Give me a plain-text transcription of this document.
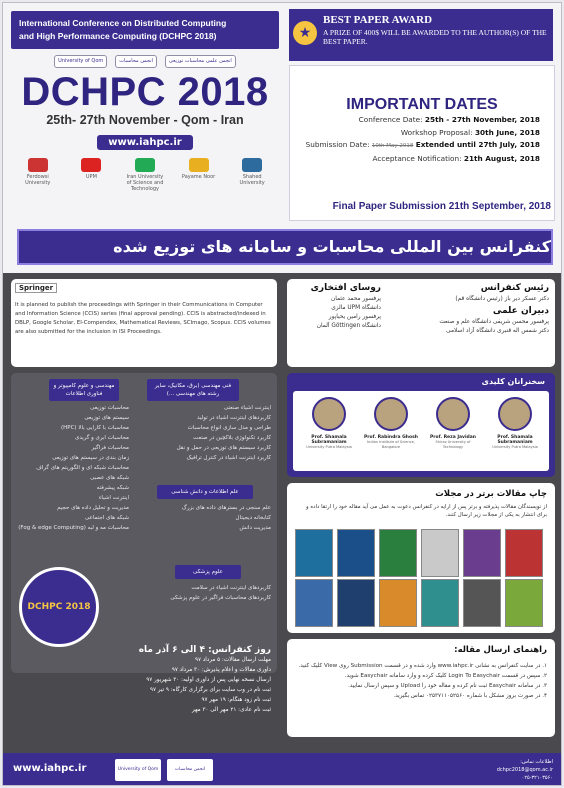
International Conference on Distributed Computing
and High Performance Computing (DCHPC 2018)
University of Qom	انجمن محاسبات	انجمن علمی محاسبات توزیعی
DCHPC 2018
25th- 27th November - Qom - Iran
www.iahpc.ir
Ferdowsi University
UPM	Iran University of Science and Technology
Payame Noor	Shahed University
★
BEST PAPER AWARD
A PRIZE OF 400$ WILL BE AWARDED TO THE AUTHOR(S) OF THE BEST PAPER.
IMPORTANT DATES
Conference Date: 25th - 27th November, 2018
Workshop Proposal: 30th June, 2018
Submission Date: 10th May 2018 Extended until 27th July, 2018
Acceptance Notification: 21th August, 2018
Final Paper Submission 21th September, 2018
کنفرانس بین المللی محاسبات و سامانه های توزیع شده
Springer
It is planned to publish the proceedings with Springer in their Communications in Computer and Information Science (CCIS) series (final approval pending). CCIS is abstracted/indexed in DBLP, Google Scholar, EI-Compendex, Mathematical Reviews, SCImago, Scopus. CCIS volumes are also submitted for the inclusion in ISI Proceedings.
رئیس کنفرانس
دکتر عسکر دیر باز (رئیس دانشگاه قم)
دبیران علمی
پرفسور محسن شریفی دانشگاه علم و صنعت
دکتر شمس اله قنبری دانشگاه آزاد اسلامی
روسای افتخاری
پرفسور محمد عثمان
دانشگاه UPM مالزی
پرفسور رامین یحیاپور
دانشگاه Göttingen آلمان
مهندسی و علوم کامپیوتر و فناوری اطلاعات
فنی مهندسی (برق، مکانیک، سایر رشته های مهندسی ...)
محاسبات توزیعی
سیستم های توزیعی
محاسبات با کارایی بالا (HPC)
محاسبات ابری و گریدی
محاسبات فراگیر
زمان بندی در سیستم های توزیعی
محاسبات شبکه ای و الگوریتم های گراف
شبکه های عصبی
شبکه پیشرفته
اینترنت اشیاء
مدیریت و تحلیل داده های حجیم
شبکه های اجتماعی
محاسبات مه و لبه (Fog & edge Computing)
اینترنت اشیاء صنعتی
کاربردهای اینترنت اشیاء در تولید
طراحی و مدل سازی انواع محاسبات
کاربرد تکنولوژی بلاکچین در صنعت
کاربرد سیستم های توزیعی در حمل و نقل
کاربرد اینترنت اشیاء در کنترل ترافیک
علم اطلاعات و دانش شناسی
علم سنجی در بسترهای داده های بزرگ
کتابخانه دیجیتال
مدیریت دانش
علوم پزشکی
کاربردهای اینترنت اشیاء در سلامت
کاربردهای محاسبات فراگیر در علوم پزشکی
DCHPC 2018
سخنرانان کلیدی
Prof. Shamala Subramaniam
University Putra Malaysia
Prof. Rabindra Ghosh
Indian Institute of Science, Bangalore
Prof. Reza Javidan
Shiraz University of Technology
Prof. Shamala Subramaniam
University Putra Malaysia
چاپ مقالات برتر در مجلات
از نویسندگان مقالات پذیرفته و برتر پس از ارایه در کنفرانس دعوت به عمل می آید مقاله خود را ارتقا داده و برای انتشار به یکی از مجلات زیر ارسال کنند.
روز کنفرانس: ۴ الی ۶ آذر ماه
مهلت ارسال مقالات: ۵ مرداد ۹۷
داوری مقالات و اعلام پذیرش: ۳۰ مرداد ۹۷
ارسال نسخه نهایی پس از داوری اولیه: ۳۰ شهریور ۹۷
ثبت نام در وب سایت برای برگزاری کارگاه: ۹ تیر ۹۷
ثبت نام زود هنگام: ۱۹ مهر ۹۷
ثبت نام عادی: ۲۱ مهر الی ۳۰ مهر
راهنمای ارسال مقاله:
۱. در سایت کنفرانس به نشانی www.iahpc.ir وارد شده و در قسمت Submission روی View کلیک کنید.
۲. سپس در قسمت Login To Easychair کلیک کرده و وارد سامانه Easychair شوید.
۳. در سامانه Easychair ثبت نام کرده و مقاله خود را Upload و سپس ارسال نمایید.
۴. در صورت بروز مشکل با شماره ۰۲۵۳۷۱۱۰۵۲۵۶۰ تماس بگیرید.
www.iahpc.ir	University of Qom	انجمن محاسبات
اطلاعات تماس:
dchpc2018@qom.ac.ir
۰۲۵-۳۲۱۰۳۵۶۰
